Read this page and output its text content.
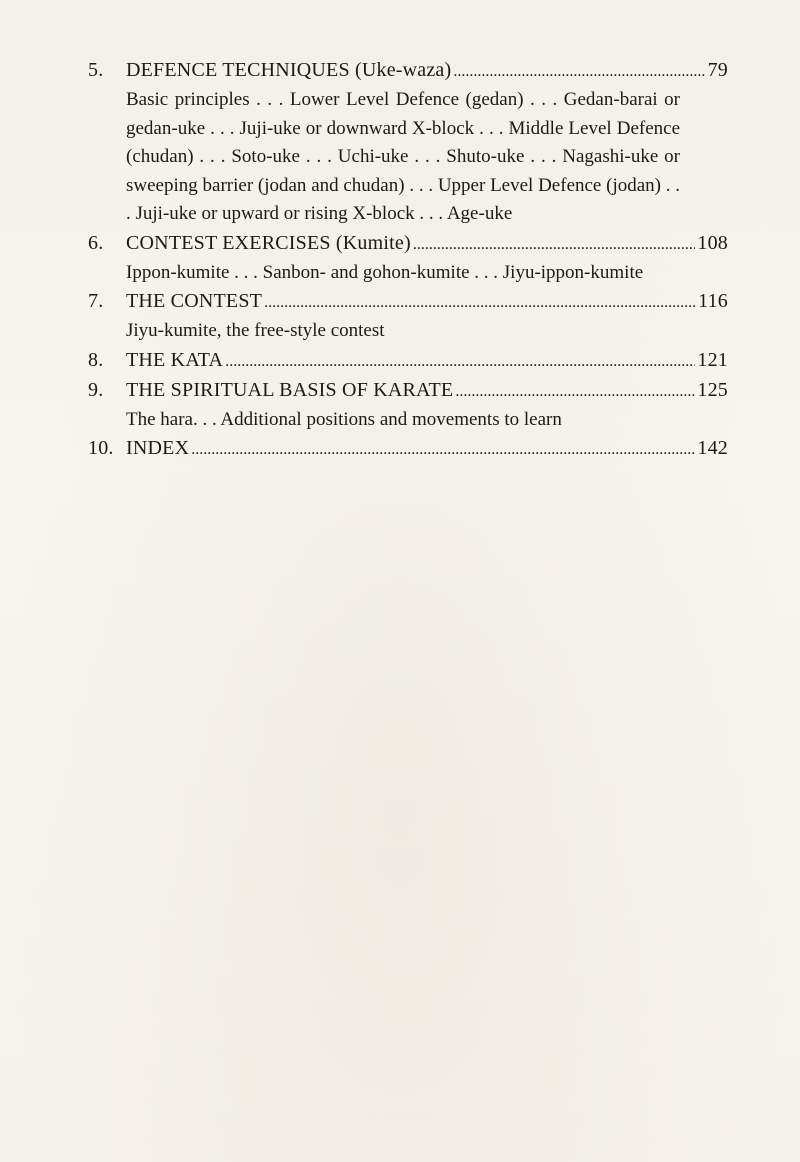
5.	DEFENCE TECHNIQUES (Uke-waza) .....	79
Basic principles . . . Lower Level Defence (gedan) . . . Gedan-barai or gedan-uke . . . Juji-uke or downward X-block . . . Middle Level Defence (chudan) . . . Soto-uke . . . Uchi-uke . . . Shuto-uke . . . Nagashi-uke or sweeping barrier (jodan and chudan) . . . Upper Level Defence (jodan) . . . Juji-uke or upward or rising X-block . . . Age-uke
6.	CONTEST EXERCISES (Kumite) .....	108
Ippon-kumite . . . Sanbon- and gohon-kumite . . . Jiyu-ippon-kumite
7.	THE CONTEST .....	116
Jiyu-kumite, the free-style contest
8.	THE KATA .....	121
9.	THE SPIRITUAL BASIS OF KARATE .....	125
The hara. . . Additional positions and movements to learn
10. INDEX .....	142
